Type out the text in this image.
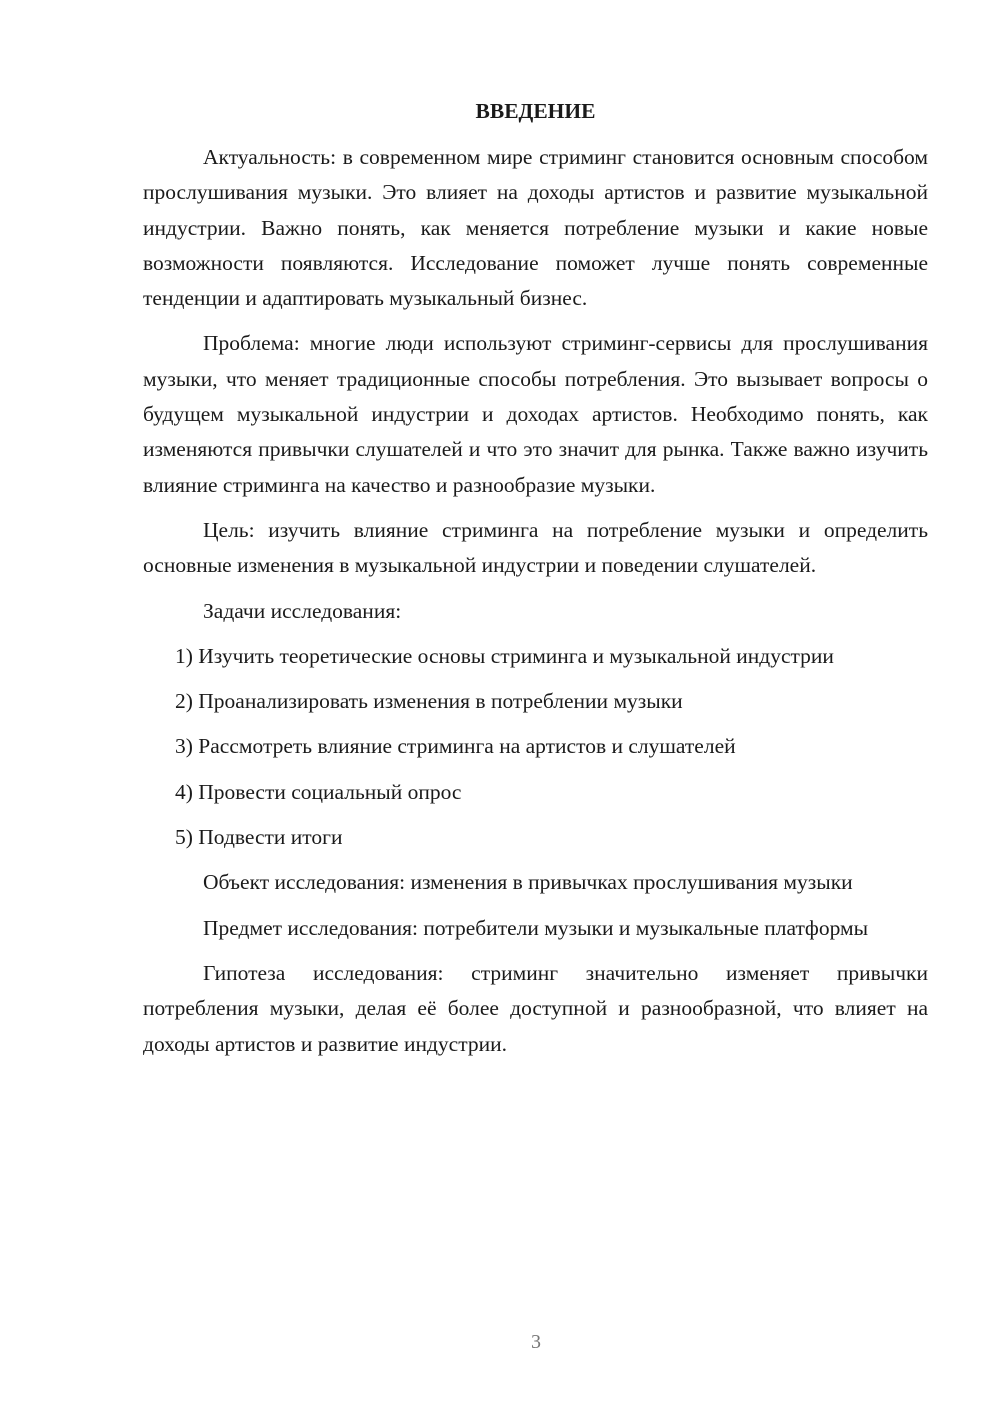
ВВЕДЕНИЕ

Актуальность: в современном мире стриминг становится основным способом прослушивания музыки. Это влияет на доходы артистов и развитие музыкальной индустрии. Важно понять, как меняется потребление музыки и какие новые возможности появляются. Исследование поможет лучше понять современные тенденции и адаптировать музыкальный бизнес.

Проблема: многие люди используют стриминг-сервисы для прослушивания музыки, что меняет традиционные способы потребления. Это вызывает вопросы о будущем музыкальной индустрии и доходах артистов. Необходимо понять, как изменяются привычки слушателей и что это значит для рынка. Также важно изучить влияние стриминга на качество и разнообразие музыки.

Цель: изучить влияние стриминга на потребление музыки и определить основные изменения в музыкальной индустрии и поведении слушателей.

Задачи исследования:

1) Изучить теоретические основы стриминга и музыкальной индустрии

2) Проанализировать изменения в потреблении музыки

3) Рассмотреть влияние стриминга на артистов и слушателей

4) Провести социальный опрос

5) Подвести итоги

Объект исследования: изменения в привычках прослушивания музыки

Предмет исследования: потребители музыки и музыкальные платформы

Гипотеза исследования: стриминг значительно изменяет привычки потребления музыки, делая её более доступной и разнообразной, что влияет на доходы артистов и развитие индустрии.

3
